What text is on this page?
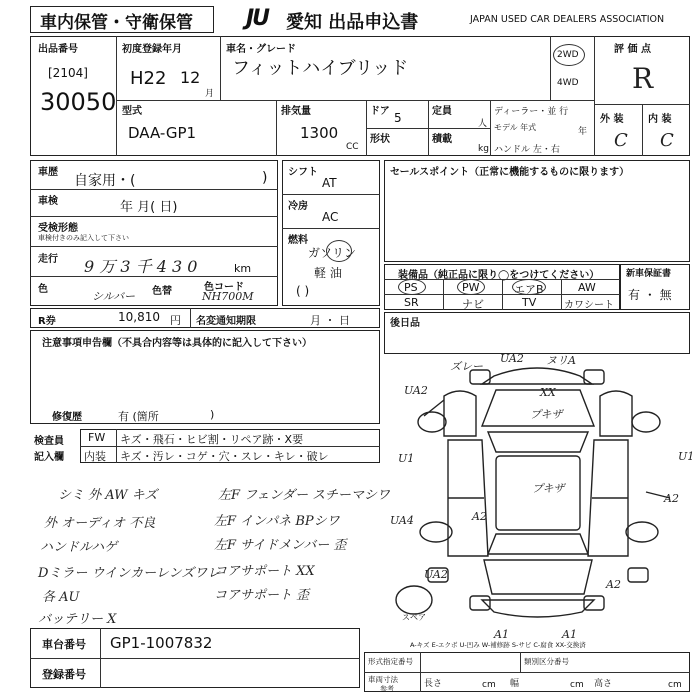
車内保管・守衛保管 JU 愛知 出品申込書	JAPAN USED CAR DEALERS ASSOCIATION
出品番号
[2104]
30050
初度登録年月
H22 12
月
車名・グレード
フィットハイブリッド
2WD
4WD
評 価 点
R
外 装 内 装
C C
型式
DAA-GP1
排気量
1300
CC
ドア 5
形状
定員
人
積載
kg
ディーラー・並 行
モデル 年式	年
ハンドル 左・右
車歴
自家用・(	)
車検	年 月( 日)
受検形態
車検付きのみ記入して下さい
走行 9 万 3 千 4 3 0	km
色
シルバー 色替	色コード
NH700M
シフト
AT
冷房
AC
燃料
ガソリン
軽 油
( )
セールスポイント（正常に機能するものに限ります）
装備品（純正品に限り◯をつけてください）
PS	PW	エアB	AW
SR	ナビ	TV	カワシート
新車保証書
有 ・ 無
R券	10,810 円 名変通知期限	月 ・ 日	後日品
注意事項申告欄（不具合内容等は具体的に記入して下さい）
修復歴	有 (箇所	)
検査員
記入欄
FW キズ・飛石・ヒビ割・リペア跡・X要
内装 キズ・汚レ・コゲ・穴・スレ・キレ・破レ
シミ 外 AW キズ	左F フェンダー スチーマシワ
外 オーディオ 不良	左F インパネ BPシワ
ハンドルハゲ	左F サイドメンバー 歪
Dミラー ウインカーレンズワレ
コアサポート XX
各 AU	コアサポート 歪
バッテリー X
ズレー
UA2 ヌリA
XX
プキザ
UA2
U1	U1
プキザ
A2
UA4	A2
UA2
A1	A1
スペア
A2
A-キズ E-エクボ U-凹み W-補修跡 S-サビ C-腐食 XX-交換済
車台番号 GP1-1007832
登録番号
形式指定番号	類別区分番号
車両寸法
参考	長さ	cm 幅	cm 高さ	cm
